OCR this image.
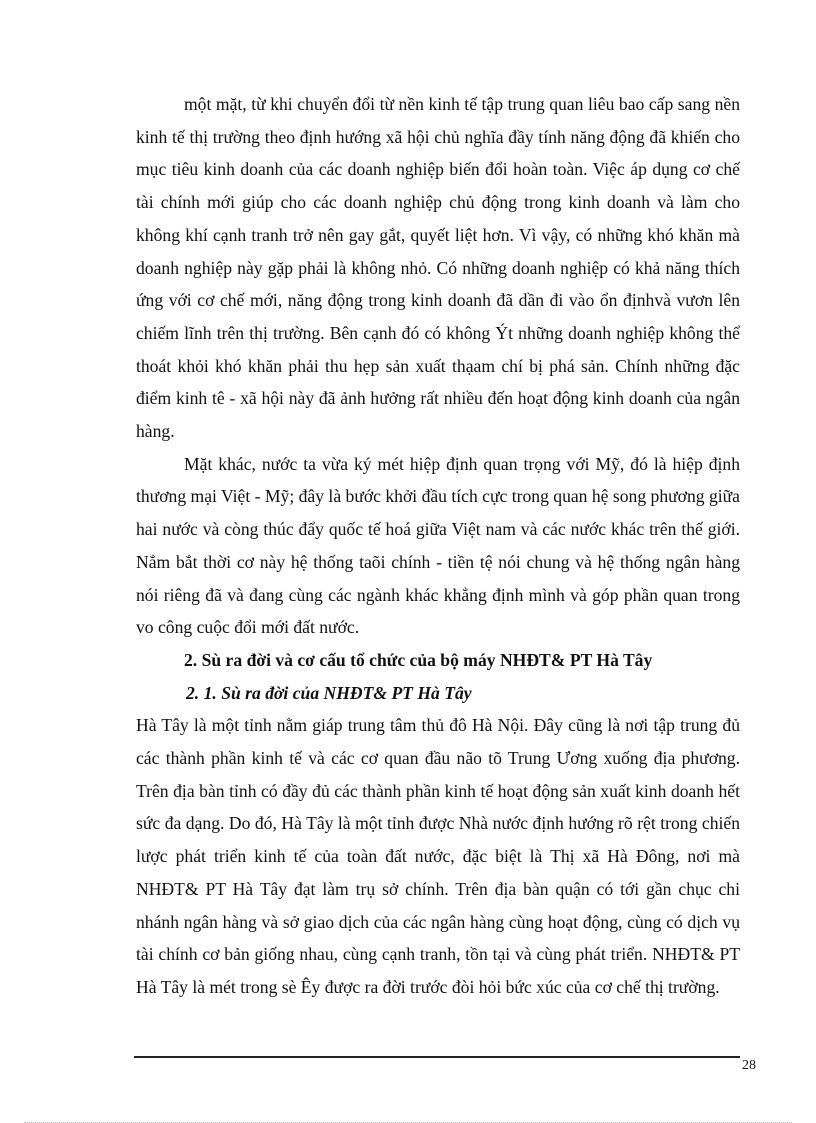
một mặt, từ khi chuyển đổi từ nền kinh tế tập trung quan liêu bao cấp sang nền kinh tế thị trường theo định hướng xã hội chủ nghĩa đầy tính năng động đã khiến cho mục tiêu kinh doanh của các doanh nghiệp biến đổi hoàn toàn. Việc áp dụng cơ chế tài chính mới giúp cho các doanh nghiệp chủ động trong kinh doanh và làm cho không khí cạnh tranh trở nên gay gắt, quyết liệt hơn. Vì vậy, có những khó khăn mà doanh nghiệp này gặp phải là không nhỏ. Có những doanh nghiệp có khả năng thích ứng với cơ chế mới, năng động trong kinh doanh đã dần đi vào ổn địnhvà vươn lên chiếm lĩnh trên thị trường. Bên cạnh đó có không Ýt những doanh nghiệp không thể thoát khỏi khó khăn phải thu hẹp sản xuất thạam chí bị phá sản. Chính những đặc điểm kinh tê - xã hội này đã ảnh hưởng rất nhiều đến hoạt động kinh doanh của ngân hàng.

Mặt khác, nước ta vừa ký mét hiệp định quan trọng với Mỹ, đó là hiệp định thương mại Việt - Mỹ; đây là bước khởi đầu tích cực trong quan hệ song phương giữa hai nước và còng thúc đẩy quốc tế hoá giữa Việt nam và các nước khác trên thế giới. Nắm bắt thời cơ này hệ thống taõi chính - tiền tệ nói chung và hệ thống ngân hàng nói riêng đã và đang cùng các ngành khác khẳng định mình và góp phần quan trong vo công cuộc đổi mới đất nước.

2. Sù ra đời và cơ cấu tổ chức của bộ máy NHĐT& PT Hà Tây

2. 1. Sù ra đời của NHĐT& PT Hà Tây

Hà Tây là một tỉnh nằm giáp trung tâm thủ đô Hà Nội. Đây cũng là nơi tập trung đủ các thành phần kinh tế và các cơ quan đầu não tõ Trung Ương xuống địa phương. Trên địa bàn tỉnh có đầy đủ các thành phần kinh tế hoạt động sản xuất kinh doanh hết sức đa dạng. Do đó, Hà Tây là một tỉnh được Nhà nước định hướng rõ rệt trong chiến lược phát triển kinh tế của toàn đất nước, đặc biệt là Thị xã Hà Đông, nơi mà NHĐT& PT Hà Tây đạt làm trụ sở chính. Trên địa bàn quận có tới gần chục chi nhánh ngân hàng và sở giao dịch của các ngân hàng cùng hoạt động, cùng có dịch vụ tài chính cơ bản giống nhau, cùng cạnh tranh, tồn tại và cùng phát triển. NHĐT& PT Hà Tây là mét trong sè Êy được ra đời trước đòi hỏi bức xúc của cơ chế thị trường.

28
